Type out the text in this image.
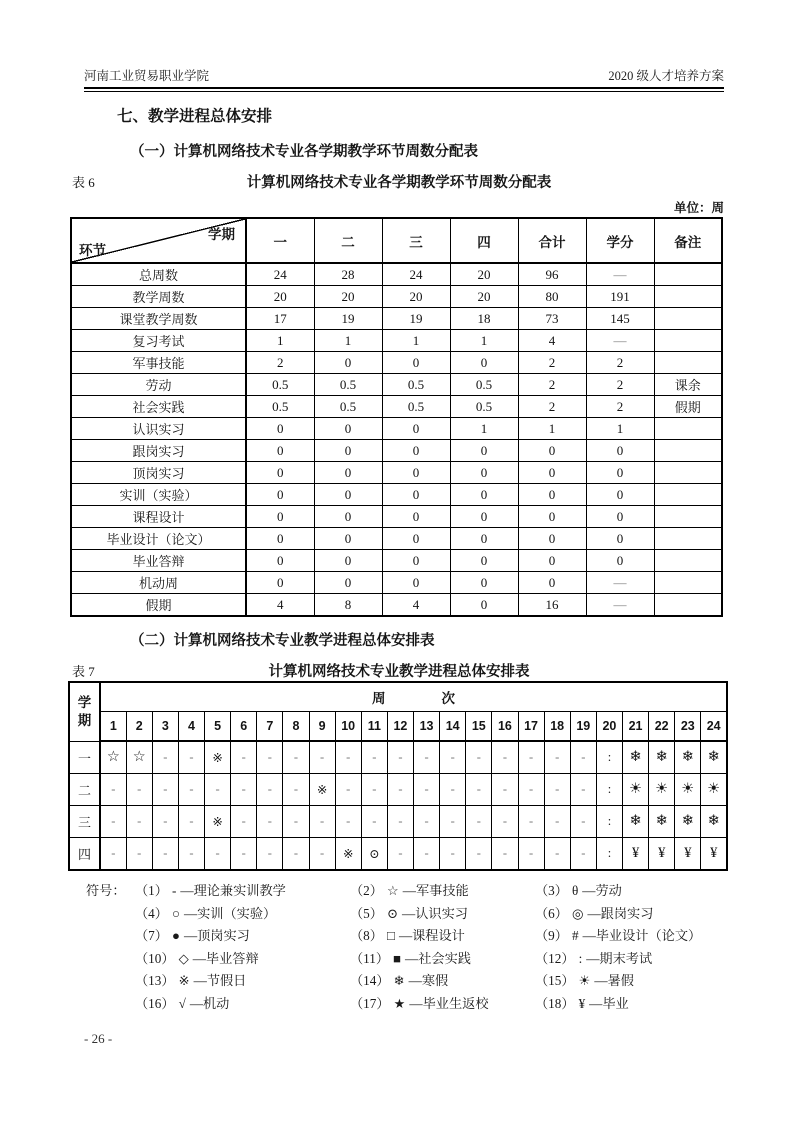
河南工业贸易职业学院	2020 级人才培养方案
七、教学进程总体安排
（一）计算机网络技术专业各学期教学环节周数分配表
表 6	计算机网络技术专业各学期教学环节周数分配表
单位：周
学期
环节	一	二	三	四	合计	学分	备注
总周数	24	28	24	20	96	—	
教学周数	20	20	20	20	80	191	
课堂教学周数	17	19	19	18	73	145	
复习考试	1	1	1	1	4	—	
军事技能	2	0	0	0	2	2	
劳动	0.5	0.5	0.5	0.5	2	2	课余
社会实践	0.5	0.5	0.5	0.5	2	2	假期
认识实习	0	0	0	1	1	1	
跟岗实习	0	0	0	0	0	0	
顶岗实习	0	0	0	0	0	0	
实训（实验）	0	0	0	0	0	0	
课程设计	0	0	0	0	0	0	
毕业设计（论文）	0	0	0	0	0	0	
毕业答辩	0	0	0	0	0	0	
机动周	0	0	0	0	0	—	
假期	4	8	4	0	16	—	
（二）计算机网络技术专业教学进程总体安排表
表 7	计算机网络技术专业教学进程总体安排表
学
期	周 次																							
	1	2	3	4	5	6	7	8	9	10	11	12	13	14	15	16	17	18	19	20	21	22	23	24
一	☆	☆	-	-	※	-	-	-	-	-	-	-	-	-	-	-	-	-	-	:	❄	❄	❄	❄
二	-	-	-	-	-	-	-	-	※	-	-	-	-	-	-	-	-	-	-	:	☀	☀	☀	☀
三	-	-	-	-	※	-	-	-	-	-	-	-	-	-	-	-	-	-	-	:	❄	❄	❄	❄
四	-	-	-	-	-	-	-	-	-	※	⊙	-	-	-	-	-	-	-	-	:	¥	¥	¥	¥
符号： （1） - —理论兼实训教学	（2） ☆ —军事技能	（3） θ —劳动
（4） ○ —实训（实验）	（5） ⊙ —认识实习	（6） ◎ —跟岗实习
（7） ● —顶岗实习	（8） □ —课程设计	（9） # —毕业设计（论文）
（10） ◇ —毕业答辩	（11） ■ —社会实践	（12） : —期末考试
（13） ※ —节假日	（14） ❄ —寒假	（15） ☀ —暑假
（16） √ —机动	（17） ★ —毕业生返校	（18） ¥ —毕业
- 26 -
